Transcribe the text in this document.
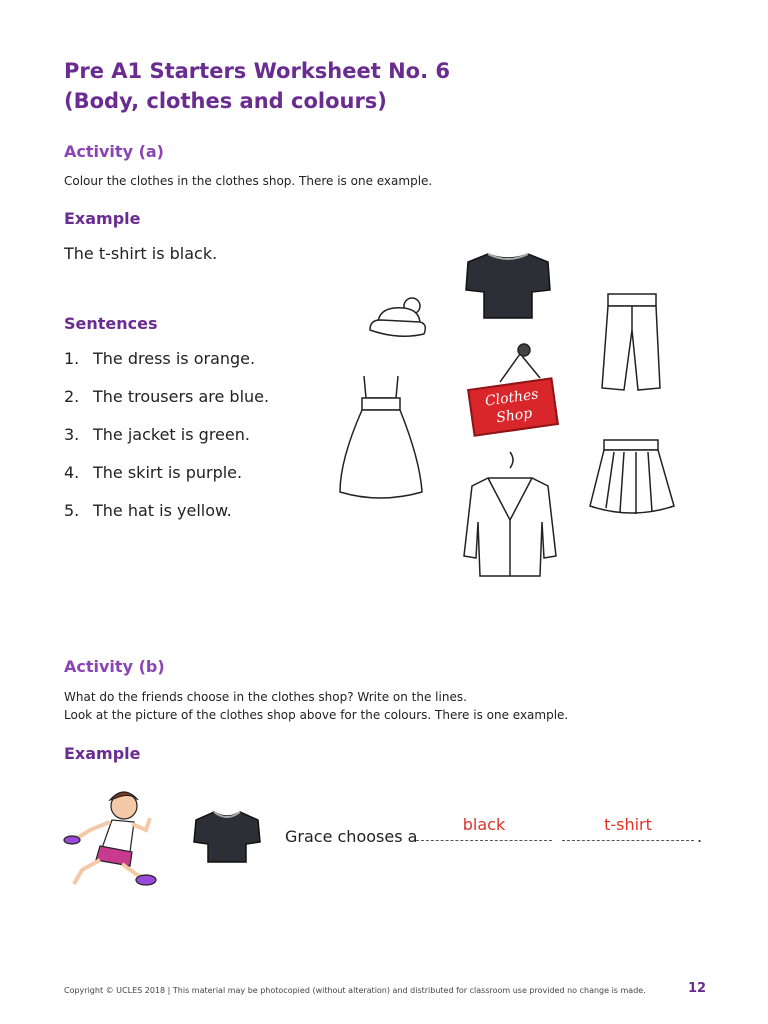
Pre A1 Starters Worksheet No. 6
(Body, clothes and colours)
Activity (a)
Colour the clothes in the clothes shop. There is one example.
Example
The t-shirt is black.
Sentences
1. The dress is orange.
2. The trousers are blue.
3. The jacket is green.
4. The skirt is purple.
5. The hat is yellow.
Clothes
Shop
Activity (b)
What do the friends choose in the clothes shop? Write on the lines.
Look at the picture of the clothes shop above for the colours. There is one example.
Example
Grace chooses a
black	t-shirt
.
Copyright © UCLES 2018 | This material may be photocopied (without alteration) and distributed for classroom use provided no change is made.	12
